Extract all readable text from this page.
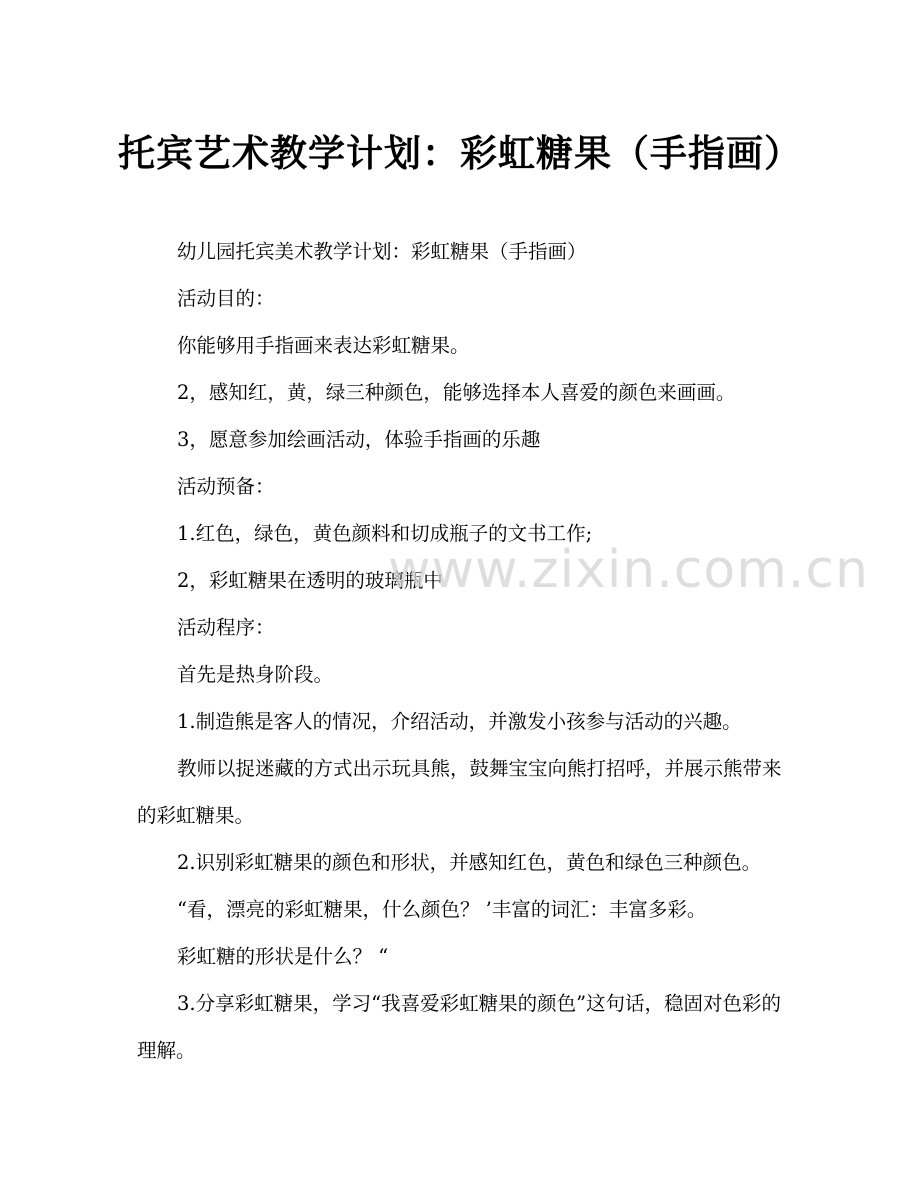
托宾艺术教学计划：彩虹糖果（手指画）

幼儿园托宾美术教学计划：彩虹糖果（手指画）

活动目的：

你能够用手指画来表达彩虹糖果。

2，感知红，黄，绿三种颜色，能够选择本人喜爱的颜色来画画。

3，愿意参加绘画活动，体验手指画的乐趣

活动预备：

1.红色，绿色，黄色颜料和切成瓶子的文书工作;

2，彩虹糖果在透明的玻璃瓶中

活动程序：

首先是热身阶段。

1.制造熊是客人的情况，介绍活动，并激发小孩参与活动的兴趣。

教师以捉迷藏的方式出示玩具熊，鼓舞宝宝向熊打招呼，并展示熊带来的彩虹糖果。

2.识别彩虹糖果的颜色和形状，并感知红色，黄色和绿色三种颜色。

“看，漂亮的彩虹糖果，什么颜色？ ’丰富的词汇：丰富多彩。

彩虹糖的形状是什么？ “

3.分享彩虹糖果，学习“我喜爱彩虹糖果的颜色”这句话，稳固对色彩的理解。

www.zixin.com.cn
